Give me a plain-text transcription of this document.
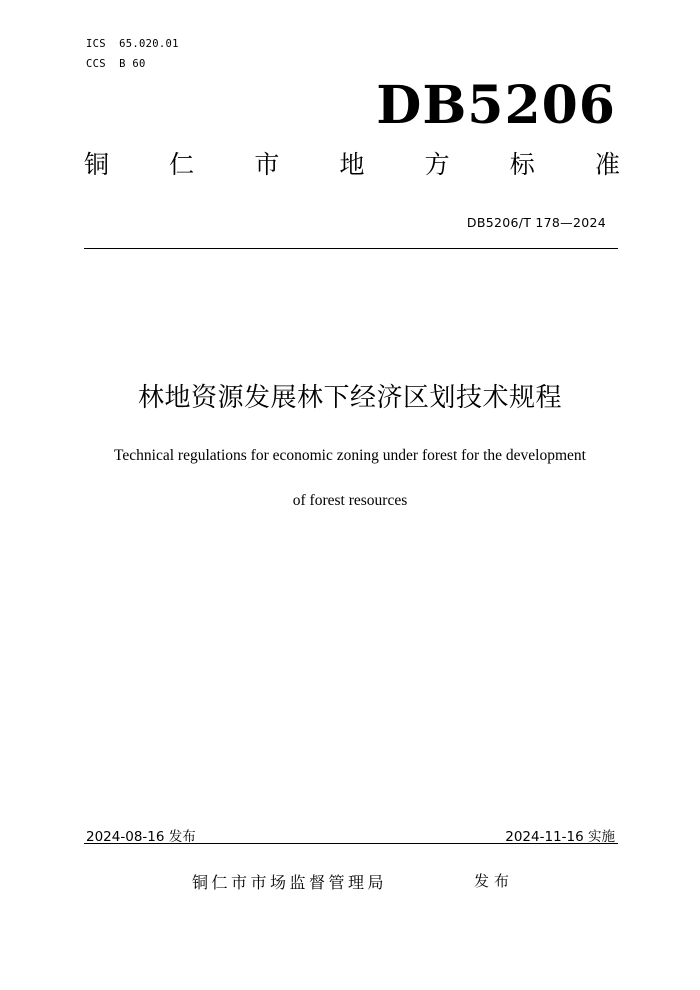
ICS  65.020.01
CCS  B 60
DB5206
铜 仁 市 地 方 标 准
DB5206/T 178—2024
林地资源发展林下经济区划技术规程
Technical regulations for economic zoning under forest for the development
of forest resources
2024-08-16 发布	2024-11-16 实施
铜仁市市场监督管理局	发布
